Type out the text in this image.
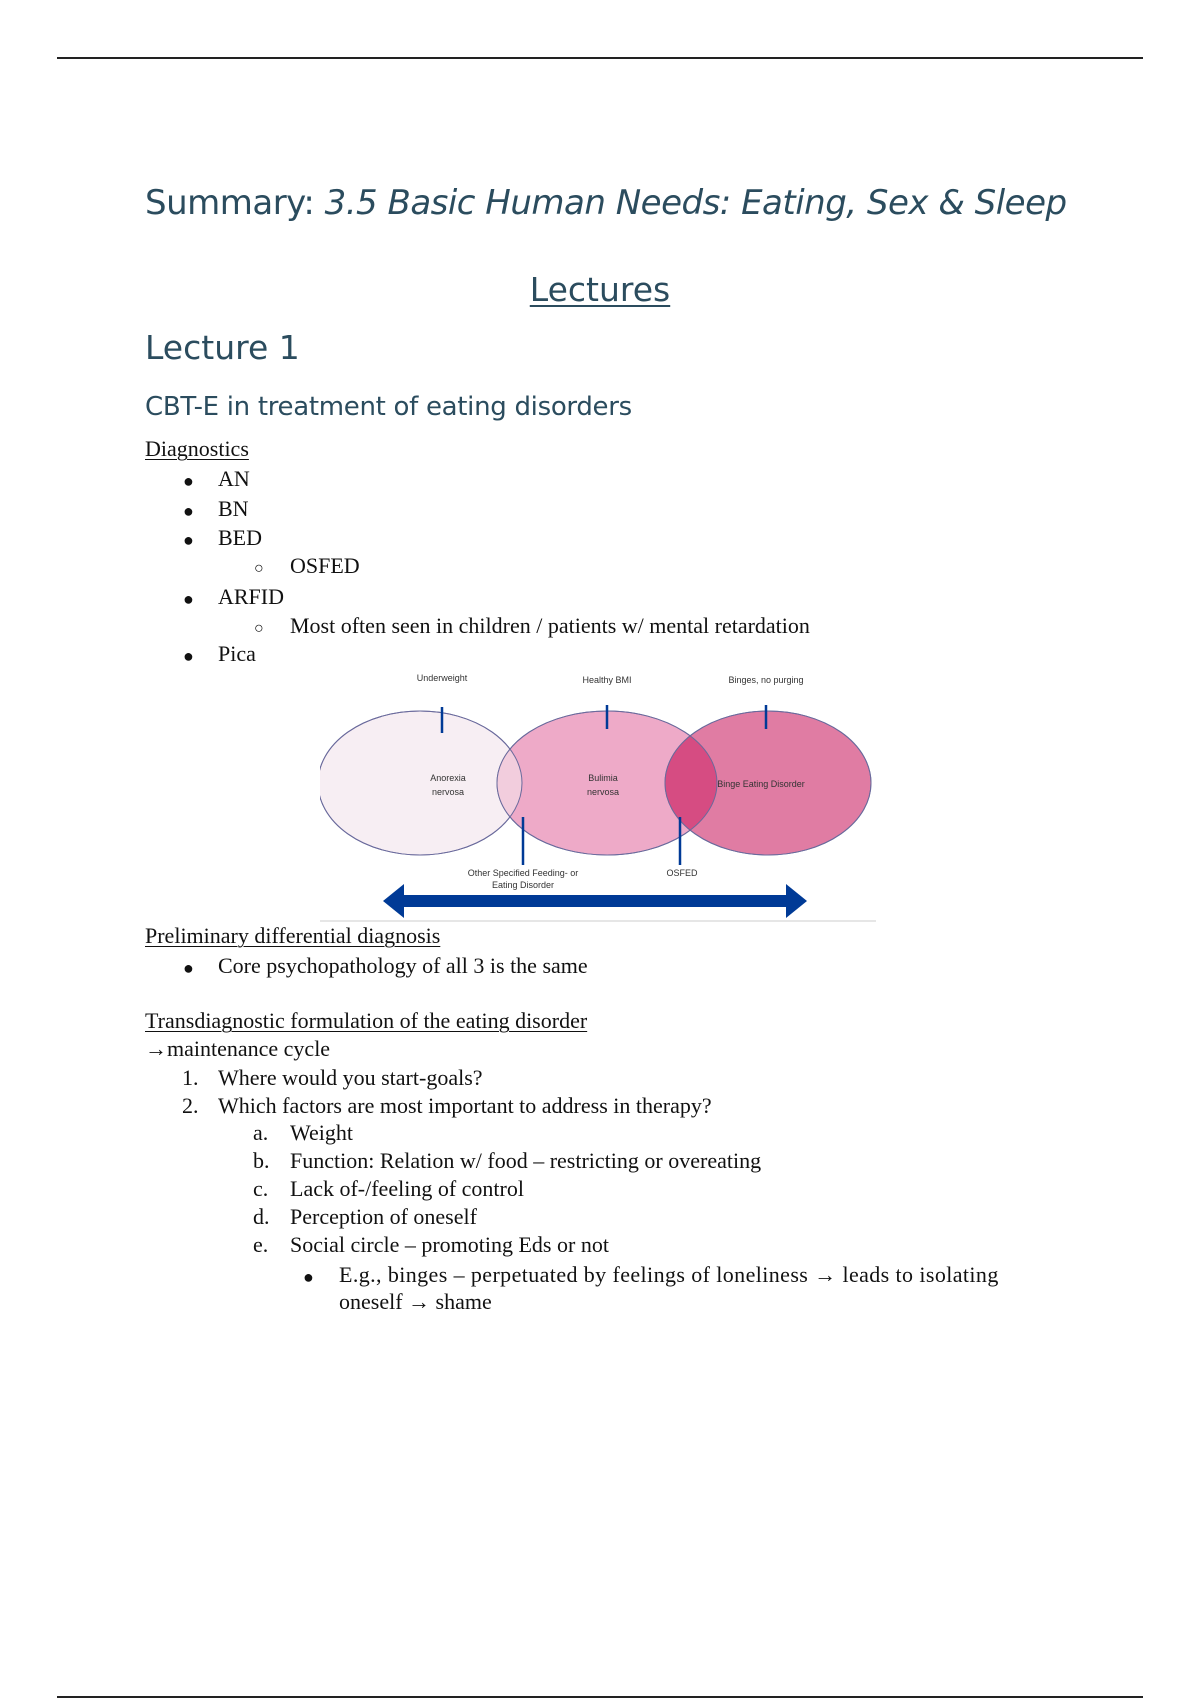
Summary: 3.5 Basic Human Needs: Eating, Sex & Sleep
Lectures
Lecture 1
CBT-E in treatment of eating disorders
Diagnostics
● AN
● BN
● BED
○ OSFED
● ARFID
○ Most often seen in children / patients w/ mental retardation
● Pica
Underweight	Healthy BMI	Binges, no purging
Anorexia
nervosa
Bulimia
nervosa
Binge Eating Disorder
Other Specified Feeding- or
Eating Disorder
OSFED
Preliminary differential diagnosis
● Core psychopathology of all 3 is the same
Transdiagnostic formulation of the eating disorder
→maintenance cycle
1. Where would you start-goals?
2. Which factors are most important to address in therapy?
a. Weight
b. Function: Relation w/ food – restricting or overeating
c. Lack of-/feeling of control
d. Perception of oneself
e. Social circle – promoting Eds or not
● E.g., binges – perpetuated by feelings of loneliness → leads to isolating
oneself → shame
